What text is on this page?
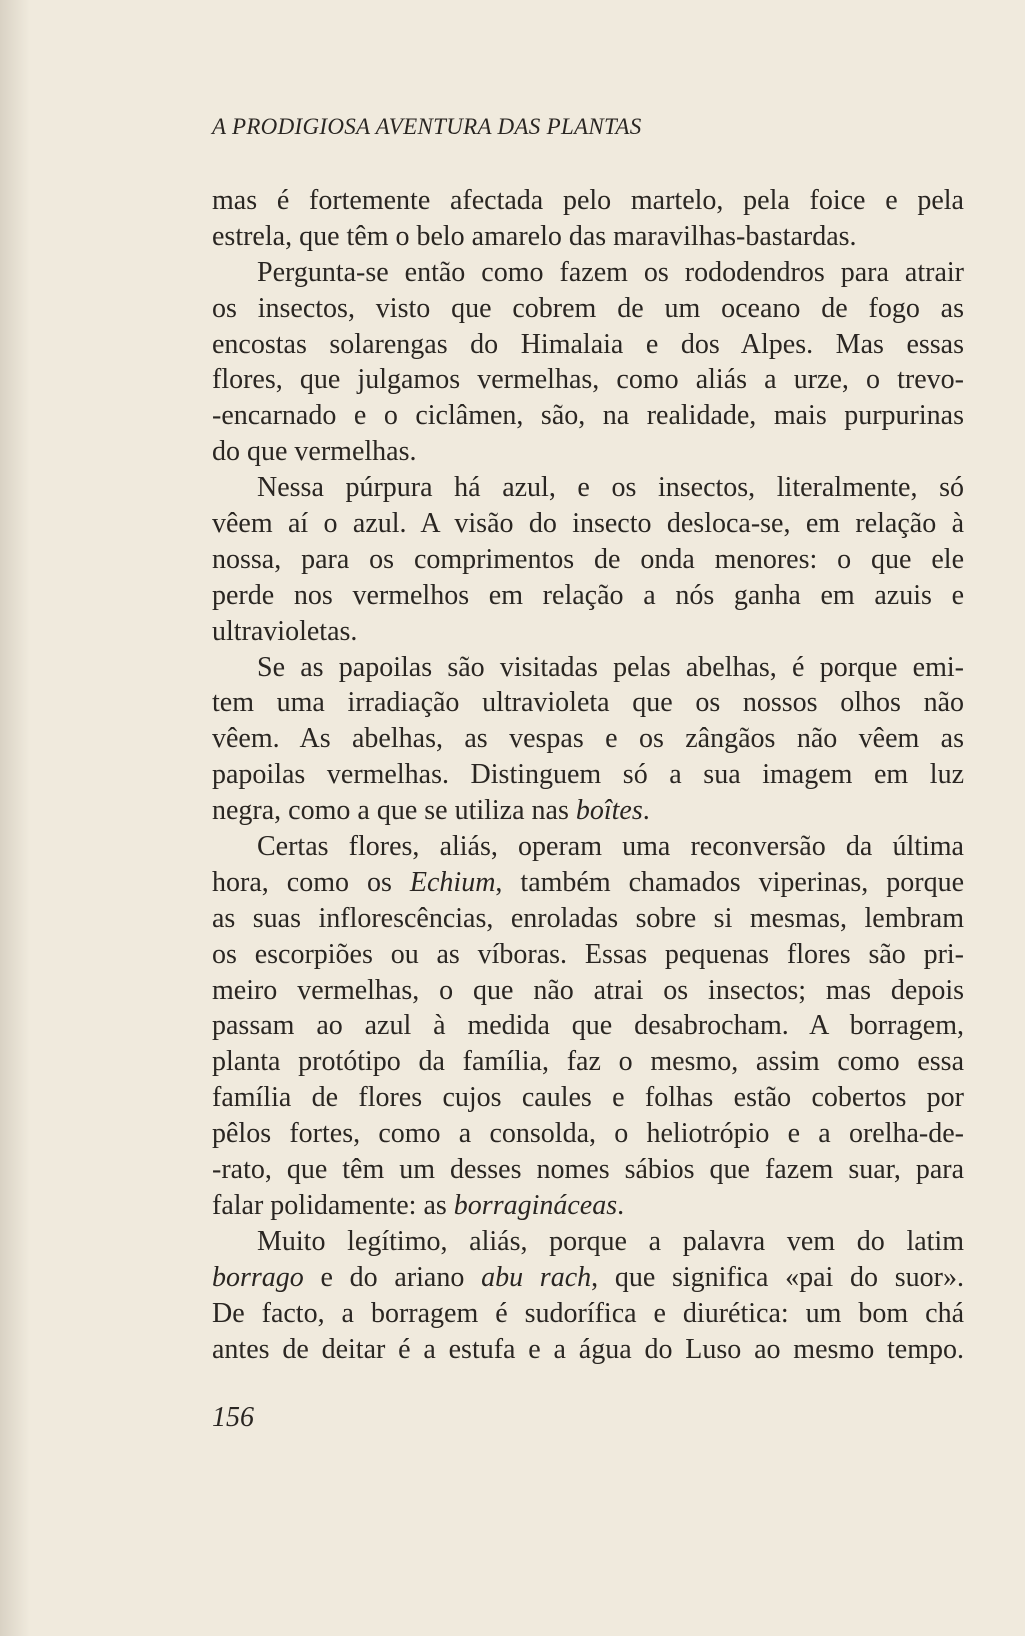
A PRODIGIOSA AVENTURA DAS PLANTAS
mas é fortemente afectada pelo martelo, pela foice e pela
estrela, que têm o belo amarelo das maravilhas-bastardas.
Pergunta-se então como fazem os rododendros para atrair
os insectos, visto que cobrem de um oceano de fogo as
encostas solarengas do Himalaia e dos Alpes. Mas essas
flores, que julgamos vermelhas, como aliás a urze, o trevo-
-encarnado e o ciclâmen, são, na realidade, mais purpurinas
do que vermelhas.
Nessa púrpura há azul, e os insectos, literalmente, só
vêem aí o azul. A visão do insecto desloca-se, em relação à
nossa, para os comprimentos de onda menores: o que ele
perde nos vermelhos em relação a nós ganha em azuis e
ultravioletas.
Se as papoilas são visitadas pelas abelhas, é porque emi-
tem uma irradiação ultravioleta que os nossos olhos não
vêem. As abelhas, as vespas e os zângãos não vêem as
papoilas vermelhas. Distinguem só a sua imagem em luz
negra, como a que se utiliza nas boîtes.
Certas flores, aliás, operam uma reconversão da última
hora, como os Echium, também chamados viperinas, porque
as suas inflorescências, enroladas sobre si mesmas, lembram
os escorpiões ou as víboras. Essas pequenas flores são pri-
meiro vermelhas, o que não atrai os insectos; mas depois
passam ao azul à medida que desabrocham. A borragem,
planta protótipo da família, faz o mesmo, assim como essa
família de flores cujos caules e folhas estão cobertos por
pêlos fortes, como a consolda, o heliotrópio e a orelha-de-
-rato, que têm um desses nomes sábios que fazem suar, para
falar polidamente: as borragináceas.
Muito legítimo, aliás, porque a palavra vem do latim
borrago e do ariano abu rach, que significa «pai do suor».
De facto, a borragem é sudorífica e diurética: um bom chá
antes de deitar é a estufa e a água do Luso ao mesmo tempo.
156
